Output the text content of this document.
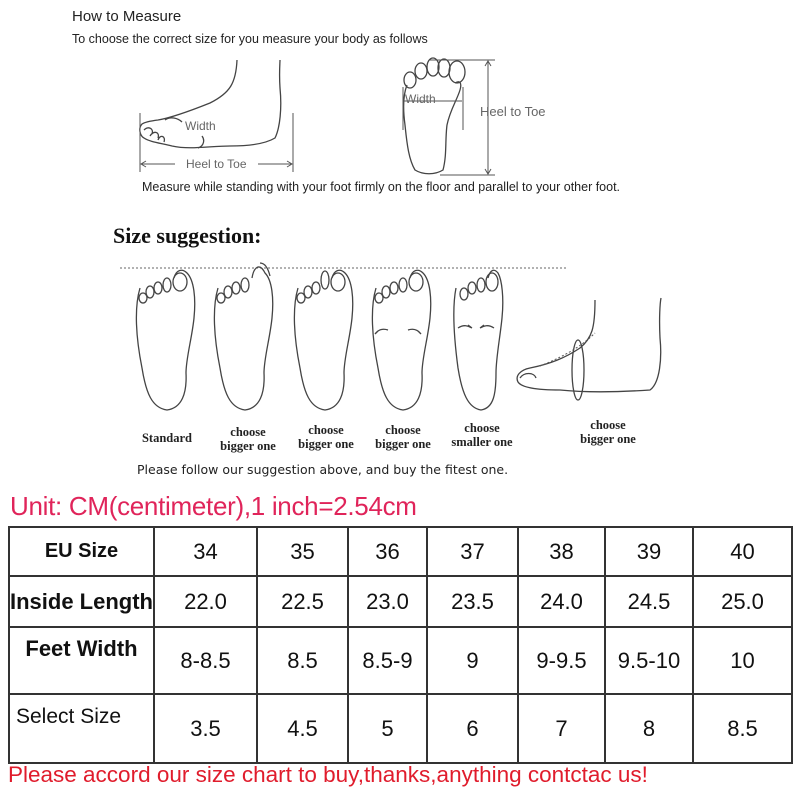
How to Measure
To choose the correct size for you measure your body as follows
Width
Heel to Toe
Width
Heel to Toe
Measure while standing with your foot firmly on the floor and parallel to your other foot.
Size suggestion:
Standard	choose
bigger one
choose
bigger one
choose
bigger one
choose
smaller one
choose
bigger one
Please follow our suggestion above, and buy the fitest one.
Unit: CM(centimeter),1 inch=2.54cm
EU Size	34	35	36	37	38	39	40
Inside Length	22.0	22.5	23.0	23.5	24.0	24.5	25.0
Feet Width	8-8.5	8.5	8.5-9	9	9-9.5	9.5-10	10
Select Size	3.5	4.5	5	6	7	8	8.5
Please accord our size chart to buy,thanks,anything contctac us!
